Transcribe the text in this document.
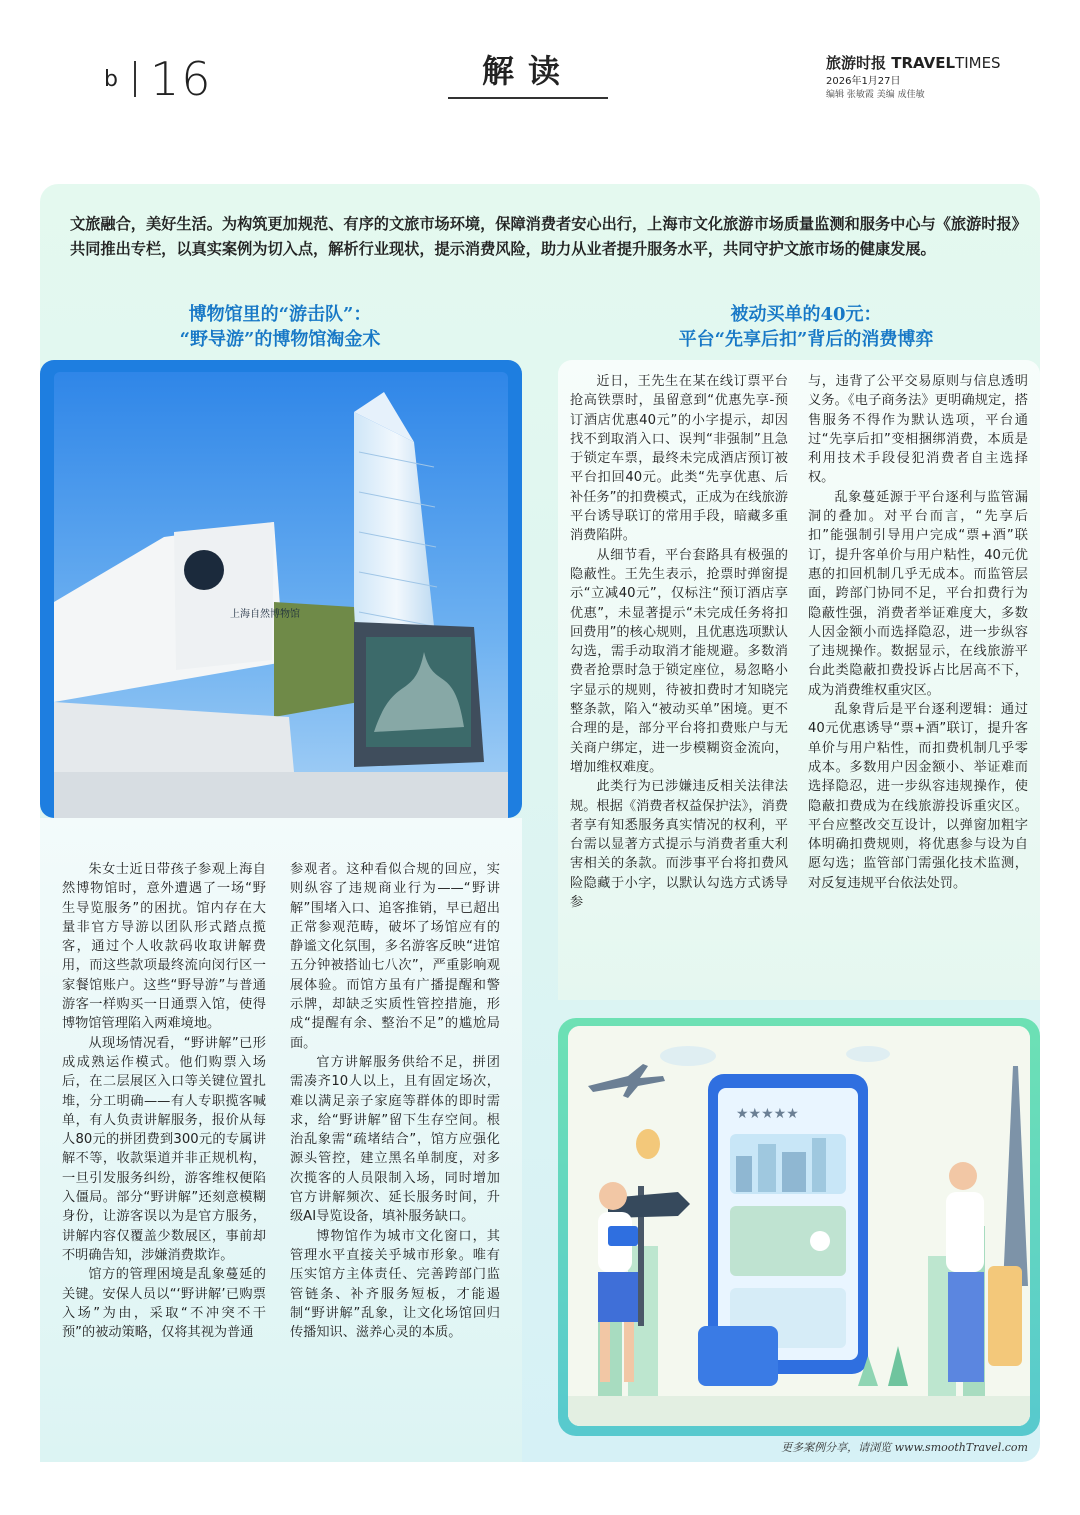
b 16	解读	旅游时报 TRAVELTIMES
2026年1月27日
编辑 张敏霞 美编 成佳敏
文旅融合，美好生活。为构筑更加规范、有序的文旅市场环境，保障消费者安心出行，上海市文化旅游市场质量监测和服务中心与《旅游时报》共同推出专栏，以真实案例为切入点，解析行业现状，提示消费风险，助力从业者提升服务水平，共同守护文旅市场的健康发展。
博物馆里的“游击队”：
“野导游”的博物馆淘金术
被动买单的40元：
平台“先享后扣”背后的消费博弈
上海自然博物馆

朱女士近日带孩子参观上海自然博物馆时，意外遭遇了一场“野生导览服务”的困扰。馆内存在大量非官方导游以团队形式踏点揽客，通过个人收款码收取讲解费用，而这些款项最终流向闵行区一家餐馆账户。这些“野导游”与普通游客一样购买一日通票入馆，使得博物馆管理陷入两难境地。

从现场情况看，“野讲解”已形成成熟运作模式。他们购票入场后，在二层展区入口等关键位置扎堆，分工明确——有人专职揽客喊单，有人负责讲解服务，报价从每人80元的拼团费到300元的专属讲解不等，收款渠道并非正规机构，一旦引发服务纠纷，游客维权便陷入僵局。部分“野讲解”还刻意模糊身份，让游客误以为是官方服务，讲解内容仅覆盖少数展区，事前却不明确告知，涉嫌消费欺诈。

馆方的管理困境是乱象蔓延的关键。安保人员以“‘野讲解’已购票入场”为由，采取“不冲突不干预”的被动策略，仅将其视为普通

参观者。这种看似合规的回应，实则纵容了违规商业行为——“野讲解”围堵入口、追客推销，早已超出正常参观范畴，破坏了场馆应有的静谧文化氛围，多名游客反映“进馆五分钟被搭讪七八次”，严重影响观展体验。而馆方虽有广播提醒和警示牌，却缺乏实质性管控措施，形成“提醒有余、整治不足”的尴尬局面。

官方讲解服务供给不足，拼团需凑齐10人以上，且有固定场次，难以满足亲子家庭等群体的即时需求，给“野讲解”留下生存空间。根治乱象需“疏堵结合”，馆方应强化源头管控，建立黑名单制度，对多次揽客的人员限制入场，同时增加官方讲解频次、延长服务时间，升级AI导览设备，填补服务缺口。

博物馆作为城市文化窗口，其管理水平直接关乎城市形象。唯有压实馆方主体责任、完善跨部门监管链条、补齐服务短板，才能遏制“野讲解”乱象，让文化场馆回归传播知识、滋养心灵的本质。

近日，王先生在某在线订票平台抢高铁票时，虽留意到“优惠先享-预订酒店优惠40元”的小字提示，却因找不到取消入口、误判“非强制”且急于锁定车票，最终未完成酒店预订被平台扣回40元。此类“先享优惠、后补任务”的扣费模式，正成为在线旅游平台诱导联订的常用手段，暗藏多重消费陷阱。

从细节看，平台套路具有极强的隐蔽性。王先生表示，抢票时弹窗提示“立减40元”，仅标注“预订酒店享优惠”，未显著提示“未完成任务将扣回费用”的核心规则，且优惠选项默认勾选，需手动取消才能规避。多数消费者抢票时急于锁定座位，易忽略小字显示的规则，待被扣费时才知晓完整条款，陷入“被动买单”困境。更不合理的是，部分平台将扣费账户与无关商户绑定，进一步模糊资金流向，增加维权难度。

此类行为已涉嫌违反相关法律法规。根据《消费者权益保护法》，消费者享有知悉服务真实情况的权利，平台需以显著方式提示与消费者重大利害相关的条款。而涉事平台将扣费风险隐藏于小字，以默认勾选方式诱导参

与，违背了公平交易原则与信息透明义务。《电子商务法》更明确规定，搭售服务不得作为默认选项，平台通过“先享后扣”变相捆绑消费，本质是利用技术手段侵犯消费者自主选择权。

乱象蔓延源于平台逐利与监管漏洞的叠加。对平台而言，“先享后扣”能强制引导用户完成“票+酒”联订，提升客单价与用户粘性，40元优惠的扣回机制几乎无成本。而监管层面，跨部门协同不足，平台扣费行为隐蔽性强，消费者举证难度大，多数人因金额小而选择隐忍，进一步纵容了违规操作。数据显示，在线旅游平台此类隐蔽扣费投诉占比居高不下，成为消费维权重灾区。

乱象背后是平台逐利逻辑：通过40元优惠诱导“票+酒”联订，提升客单价与用户粘性，而扣费机制几乎零成本。多数用户因金额小、举证难而选择隐忍，进一步纵容违规操作，使隐蔽扣费成为在线旅游投诉重灾区。平台应整改交互设计，以弹窗加粗字体明确扣费规则，将优惠参与设为自愿勾选；监管部门需强化技术监测，对反复违规平台依法处罚。

★★★★★
更多案例分享，请浏览 www.smoothTravel.com
